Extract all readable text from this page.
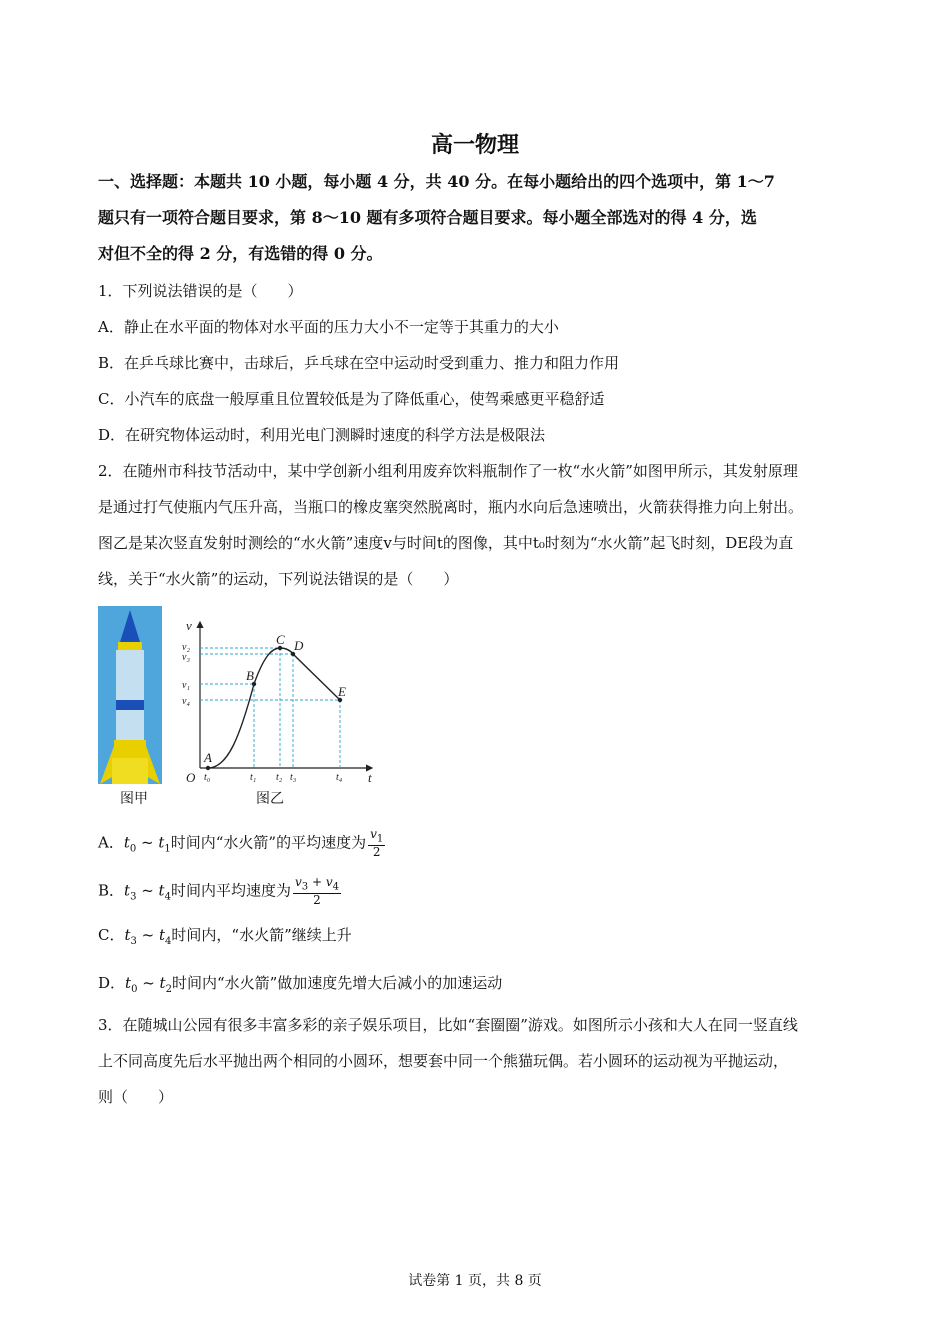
高一物理
一、选择题：本题共 10 小题，每小题 4 分，共 40 分。在每小题给出的四个选项中，第 1～7
题只有一项符合题目要求，第 8～10 题有多项符合题目要求。每小题全部选对的得 4 分，选
对但不全的得 2 分，有选错的得 0 分。
1．下列说法错误的是（　　）
A．静止在水平面的物体对水平面的压力大小不一定等于其重力的大小
B．在乒乓球比赛中，击球后，乒乓球在空中运动时受到重力、推力和阻力作用
C．小汽车的底盘一般厚重且位置较低是为了降低重心，使驾乘感更平稳舒适
D．在研究物体运动时，利用光电门测瞬时速度的科学方法是极限法
2．在随州市科技节活动中，某中学创新小组利用废弃饮料瓶制作了一枚“水火箭”如图甲所示，其发射原理
是通过打气使瓶内气压升高，当瓶口的橡皮塞突然脱离时，瓶内水向后急速喷出，火箭获得推力向上射出。
图乙是某次竖直发射时测绘的“水火箭”速度v与时间t的图像，其中t₀时刻为“水火箭”起飞时刻，DE段为直
线，关于“水火箭”的运动，下列说法错误的是（　　）
v
t
O
A
B
C D
E
v₂
v₃
v₁
v₄
t₀	t₁ t₂ t₃	t₄
图甲	图乙
A．$t_0$ ~ $t_1$时间内“水火箭”的平均速度为 $\frac{v_1}{2}$
B．$t_3$ ~ $t_4$时间内平均速度为 $\frac{v_3 + v_4}{2}$
C．$t_3$ ~ $t_4$时间内，“水火箭”继续上升
D．$t_0$ ~ $t_2$时间内“水火箭”做加速度先增大后减小的加速运动
3．在随城山公园有很多丰富多彩的亲子娱乐项目，比如“套圈圈”游戏。如图所示小孩和大人在同一竖直线
上不同高度先后水平抛出两个相同的小圆环，想要套中同一个熊猫玩偶。若小圆环的运动视为平抛运动，
则（　　）
试卷第 1 页，共 8 页
